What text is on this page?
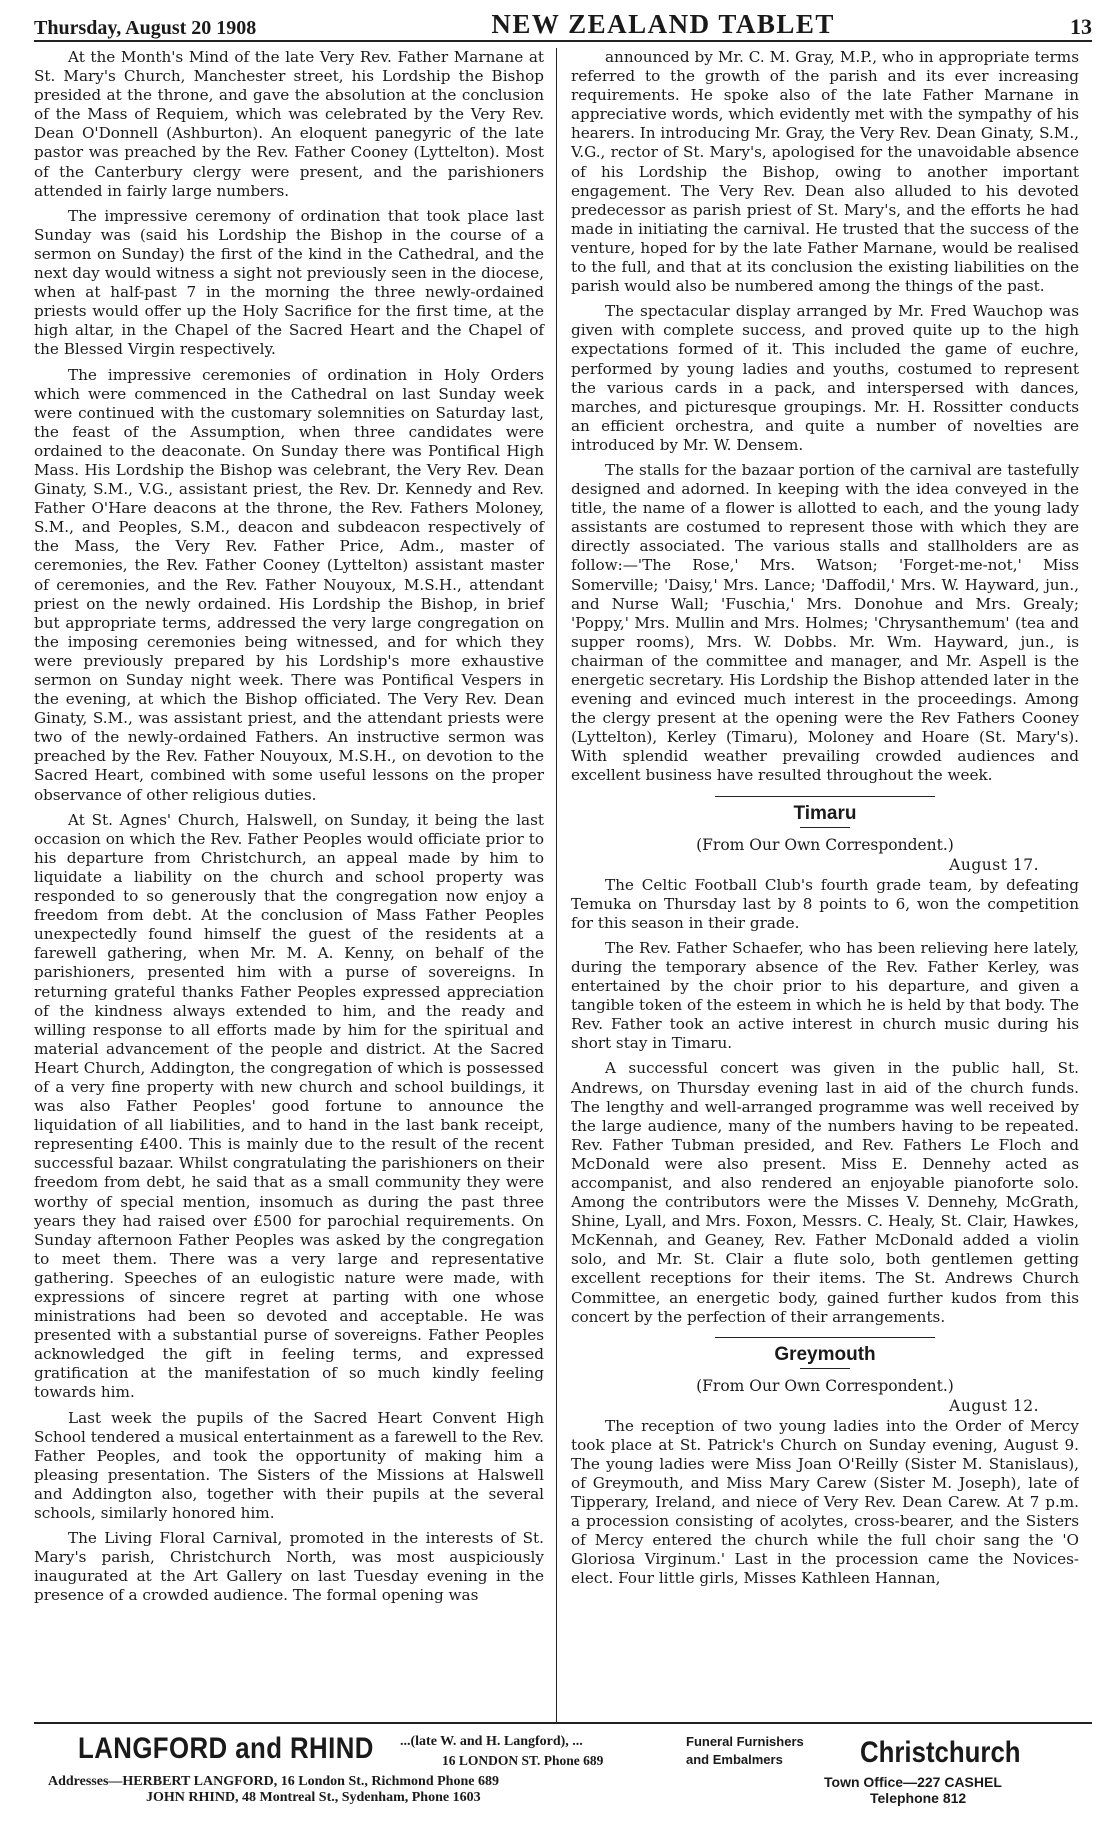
Thursday, August 20 1908	NEW ZEALAND TABLET	13

At the Month's Mind of the late Very Rev. Father Marnane at St. Mary's Church, Manchester street, his Lordship the Bishop presided at the throne, and gave the absolution at the conclusion of the Mass of Requiem, which was celebrated by the Very Rev. Dean O'Donnell (Ashburton). An eloquent panegyric of the late pastor was preached by the Rev. Father Cooney (Lyttelton). Most of the Canterbury clergy were present, and the parishioners attended in fairly large numbers.

The impressive ceremony of ordination that took place last Sunday was (said his Lordship the Bishop in the course of a sermon on Sunday) the first of the kind in the Cathedral, and the next day would witness a sight not previously seen in the diocese, when at half-past 7 in the morning the three newly-ordained priests would offer up the Holy Sacrifice for the first time, at the high altar, in the Chapel of the Sacred Heart and the Chapel of the Blessed Virgin respectively.

The impressive ceremonies of ordination in Holy Orders which were commenced in the Cathedral on last Sunday week were continued with the customary solemnities on Saturday last, the feast of the Assumption, when three candidates were ordained to the deaconate. On Sunday there was Pontifical High Mass. His Lordship the Bishop was celebrant, the Very Rev. Dean Ginaty, S.M., V.G., assistant priest, the Rev. Dr. Kennedy and Rev. Father O'Hare deacons at the throne, the Rev. Fathers Moloney, S.M., and Peoples, S.M., deacon and subdeacon respectively of the Mass, the Very Rev. Father Price, Adm., master of ceremonies, the Rev. Father Cooney (Lyttelton) assistant master of ceremonies, and the Rev. Father Nouyoux, M.S.H., attendant priest on the newly ordained. His Lordship the Bishop, in brief but appropriate terms, addressed the very large congregation on the imposing ceremonies being witnessed, and for which they were previously prepared by his Lordship's more exhaustive sermon on Sunday night week. There was Pontifical Vespers in the evening, at which the Bishop officiated. The Very Rev. Dean Ginaty, S.M., was assistant priest, and the attendant priests were two of the newly-ordained Fathers. An instructive sermon was preached by the Rev. Father Nouyoux, M.S.H., on devotion to the Sacred Heart, combined with some useful lessons on the proper observance of other religious duties.

At St. Agnes' Church, Halswell, on Sunday, it being the last occasion on which the Rev. Father Peoples would officiate prior to his departure from Christchurch, an appeal made by him to liquidate a liability on the church and school property was responded to so generously that the congregation now enjoy a freedom from debt. At the conclusion of Mass Father Peoples unexpectedly found himself the guest of the residents at a farewell gathering, when Mr. M. A. Kenny, on behalf of the parishioners, presented him with a purse of sovereigns. In returning grateful thanks Father Peoples expressed appreciation of the kindness always extended to him, and the ready and willing response to all efforts made by him for the spiritual and material advancement of the people and district. At the Sacred Heart Church, Addington, the congregation of which is possessed of a very fine property with new church and school buildings, it was also Father Peoples' good fortune to announce the liquidation of all liabilities, and to hand in the last bank receipt, representing £400. This is mainly due to the result of the recent successful bazaar. Whilst congratulating the parishioners on their freedom from debt, he said that as a small community they were worthy of special mention, insomuch as during the past three years they had raised over £500 for parochial requirements. On Sunday afternoon Father Peoples was asked by the congregation to meet them. There was a very large and representative gathering. Speeches of an eulogistic nature were made, with expressions of sincere regret at parting with one whose ministrations had been so devoted and acceptable. He was presented with a substantial purse of sovereigns. Father Peoples acknowledged the gift in feeling terms, and expressed gratification at the manifestation of so much kindly feeling towards him.

Last week the pupils of the Sacred Heart Convent High School tendered a musical entertainment as a farewell to the Rev. Father Peoples, and took the opportunity of making him a pleasing presentation. The Sisters of the Missions at Halswell and Addington also, together with their pupils at the several schools, similarly honored him.

The Living Floral Carnival, promoted in the interests of St. Mary's parish, Christchurch North, was most auspiciously inaugurated at the Art Gallery on last Tuesday evening in the presence of a crowded audience. The formal opening was

announced by Mr. C. M. Gray, M.P., who in appropriate terms referred to the growth of the parish and its ever increasing requirements. He spoke also of the late Father Marnane in appreciative words, which evidently met with the sympathy of his hearers. In introducing Mr. Gray, the Very Rev. Dean Ginaty, S.M., V.G., rector of St. Mary's, apologised for the unavoidable absence of his Lordship the Bishop, owing to another important engagement. The Very Rev. Dean also alluded to his devoted predecessor as parish priest of St. Mary's, and the efforts he had made in initiating the carnival. He trusted that the success of the venture, hoped for by the late Father Marnane, would be realised to the full, and that at its conclusion the existing liabilities on the parish would also be numbered among the things of the past.

The spectacular display arranged by Mr. Fred Wauchop was given with complete success, and proved quite up to the high expectations formed of it. This included the game of euchre, performed by young ladies and youths, costumed to represent the various cards in a pack, and interspersed with dances, marches, and picturesque groupings. Mr. H. Rossitter conducts an efficient orchestra, and quite a number of novelties are introduced by Mr. W. Densem.

The stalls for the bazaar portion of the carnival are tastefully designed and adorned. In keeping with the idea conveyed in the title, the name of a flower is allotted to each, and the young lady assistants are costumed to represent those with which they are directly associated. The various stalls and stallholders are as follow:—'The Rose,' Mrs. Watson; 'Forget-me-not,' Miss Somerville; 'Daisy,' Mrs. Lance; 'Daffodil,' Mrs. W. Hayward, jun., and Nurse Wall; 'Fuschia,' Mrs. Donohue and Mrs. Grealy; 'Poppy,' Mrs. Mullin and Mrs. Holmes; 'Chrysanthemum' (tea and supper rooms), Mrs. W. Dobbs. Mr. Wm. Hayward, jun., is chairman of the committee and manager, and Mr. Aspell is the energetic secretary. His Lordship the Bishop attended later in the evening and evinced much interest in the proceedings. Among the clergy present at the opening were the Rev Fathers Cooney (Lyttelton), Kerley (Timaru), Moloney and Hoare (St. Mary's). With splendid weather prevailing crowded audiences and excellent business have resulted throughout the week.

Timaru
(From Our Own Correspondent.)
August 17.

The Celtic Football Club's fourth grade team, by defeating Temuka on Thursday last by 8 points to 6, won the competition for this season in their grade.

The Rev. Father Schaefer, who has been relieving here lately, during the temporary absence of the Rev. Father Kerley, was entertained by the choir prior to his departure, and given a tangible token of the esteem in which he is held by that body. The Rev. Father took an active interest in church music during his short stay in Timaru.

A successful concert was given in the public hall, St. Andrews, on Thursday evening last in aid of the church funds. The lengthy and well-arranged programme was well received by the large audience, many of the numbers having to be repeated. Rev. Father Tubman presided, and Rev. Fathers Le Floch and McDonald were also present. Miss E. Dennehy acted as accompanist, and also rendered an enjoyable pianoforte solo. Among the contributors were the Misses V. Dennehy, McGrath, Shine, Lyall, and Mrs. Foxon, Messrs. C. Healy, St. Clair, Hawkes, McKennah, and Geaney, Rev. Father McDonald added a violin solo, and Mr. St. Clair a flute solo, both gentlemen getting excellent receptions for their items. The St. Andrews Church Committee, an energetic body, gained further kudos from this concert by the perfection of their arrangements.

Greymouth
(From Our Own Correspondent.)
August 12.

The reception of two young ladies into the Order of Mercy took place at St. Patrick's Church on Sunday evening, August 9. The young ladies were Miss Joan O'Reilly (Sister M. Stanislaus), of Greymouth, and Miss Mary Carew (Sister M. Joseph), late of Tipperary, Ireland, and niece of Very Rev. Dean Carew. At 7 p.m. a procession consisting of acolytes, cross-bearer, and the Sisters of Mercy entered the church while the full choir sang the 'O Gloriosa Virginum.' Last in the procession came the Novices-elect. Four little girls, Misses Kathleen Hannan,

LANGFORD and RHIND ...(late W. and H. Langford), ...
16 LONDON ST. Phone 689
Funeral Furnishers
and Embalmers	Christchurch
Addresses—HERBERT LANGFORD, 16 London St., Richmond Phone 689
JOHN RHIND, 48 Montreal St., Sydenham, Phone 1603
Town Office—227 CASHEL
Telephone 812
